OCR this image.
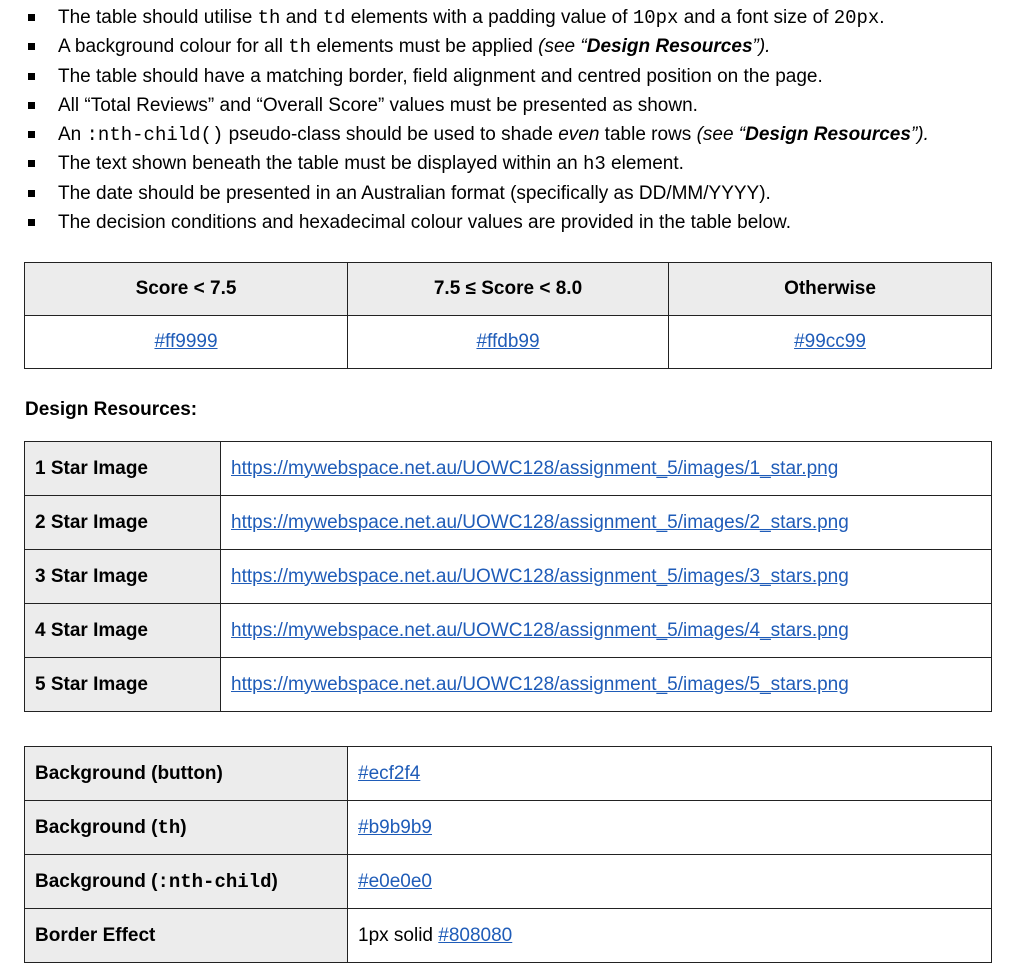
The table should utilise th and td elements with a padding value of 10px and a font size of 20px.
A background colour for all th elements must be applied (see “Design Resources”).
The table should have a matching border, field alignment and centred position on the page.
All “Total Reviews” and “Overall Score” values must be presented as shown.
An :nth-child() pseudo-class should be used to shade even table rows (see “Design Resources”).
The text shown beneath the table must be displayed within an h3 element.
The date should be presented in an Australian format (specifically as DD/MM/YYYY).
The decision conditions and hexadecimal colour values are provided in the table below.
Score < 7.5	7.5 ≤ Score < 8.0	Otherwise
#ff9999	#ffdb99	#99cc99
Design Resources:
1 Star Image	https://mywebspace.net.au/UOWC128/assignment_5/images/1_star.png
2 Star Image	https://mywebspace.net.au/UOWC128/assignment_5/images/2_stars.png
3 Star Image	https://mywebspace.net.au/UOWC128/assignment_5/images/3_stars.png
4 Star Image	https://mywebspace.net.au/UOWC128/assignment_5/images/4_stars.png
5 Star Image	https://mywebspace.net.au/UOWC128/assignment_5/images/5_stars.png
Background (button)	#ecf2f4
Background (th)	#b9b9b9
Background (:nth-child)	#e0e0e0
Border Effect	1px solid #808080
